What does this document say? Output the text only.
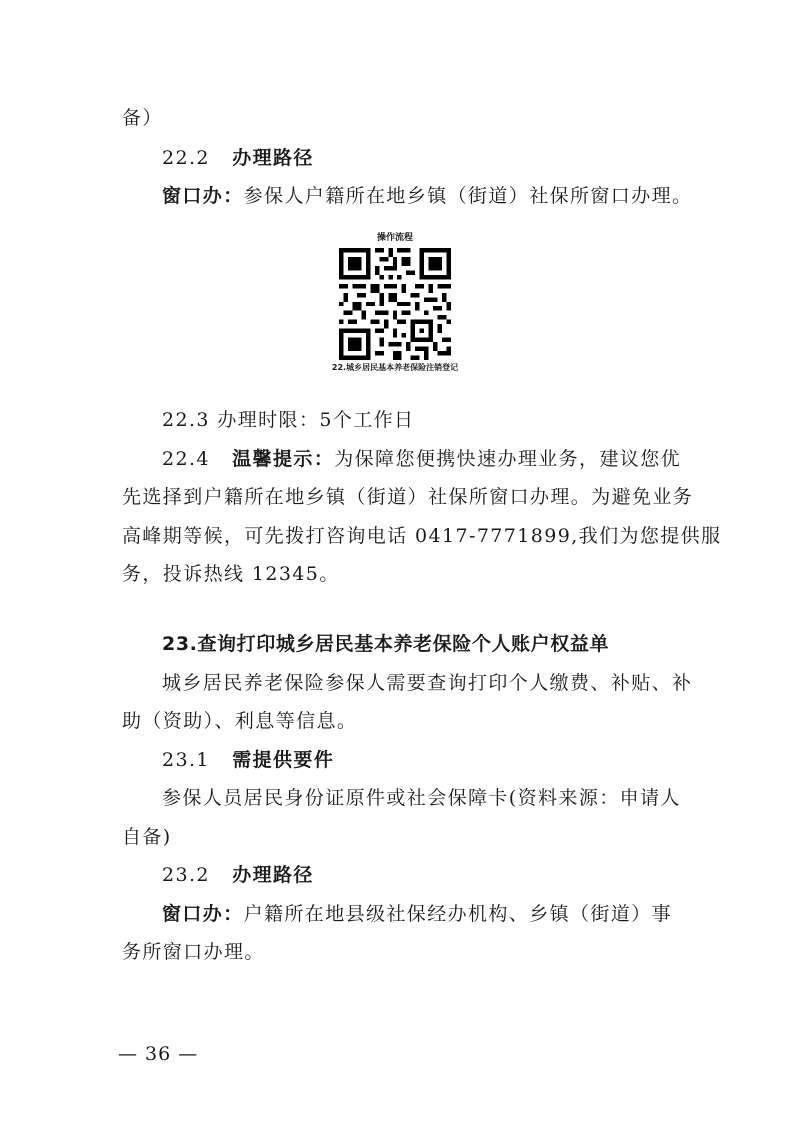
备）
22.2 办理路径
窗口办：参保人户籍所在地乡镇（街道）社保所窗口办理。
操作流程
22.城乡居民基本养老保险注销登记
22.3 办理时限：5个工作日
22.4 温馨提示：为保障您便携快速办理业务，建议您优
先选择到户籍所在地乡镇（街道）社保所窗口办理。为避免业务
高峰期等候，可先拨打咨询电话 0417-7771899,我们为您提供服
务，投诉热线 12345。
23.查询打印城乡居民基本养老保险个人账户权益单
城乡居民养老保险参保人需要查询打印个人缴费、补贴、补
助（资助）、利息等信息。
23.1 需提供要件
参保人员居民身份证原件或社会保障卡(资料来源：申请人
自备)
23.2 办理路径
窗口办：户籍所在地县级社保经办机构、乡镇（街道）事
务所窗口办理。
— 36 —
